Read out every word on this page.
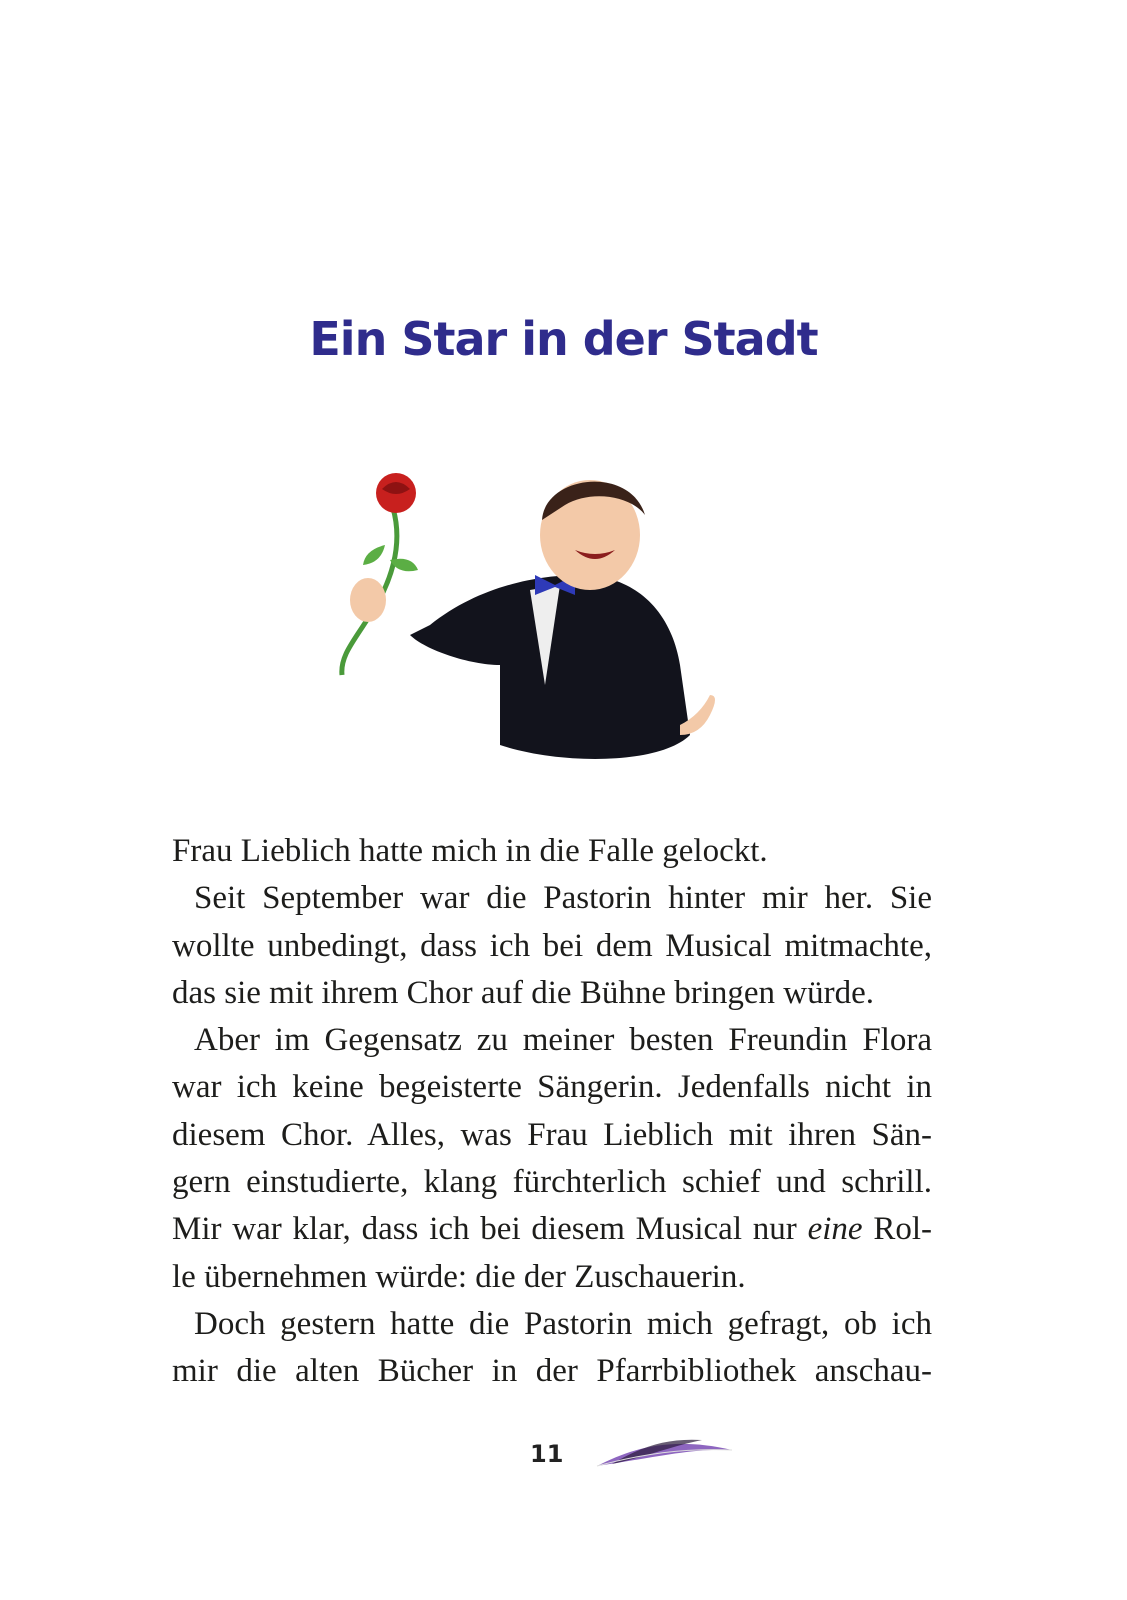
Ein Star in der Stadt
Frau Lieblich hatte mich in die Falle gelockt.
Seit September war die Pastorin hinter mir her. Sie
wollte unbedingt, dass ich bei dem Musical mitmachte,
das sie mit ihrem Chor auf die Bühne bringen würde.
Aber im Gegensatz zu meiner besten Freundin Flora
war ich keine begeisterte Sängerin. Jedenfalls nicht in
diesem Chor. Alles, was Frau Lieblich mit ihren Sän-
gern einstudierte, klang fürchterlich schief und schrill.
Mir war klar, dass ich bei diesem Musical nur eine Rol-
le übernehmen würde: die der Zuschauerin.
Doch gestern hatte die Pastorin mich gefragt, ob ich
mir die alten Bücher in der Pfarrbibliothek anschau-
11
